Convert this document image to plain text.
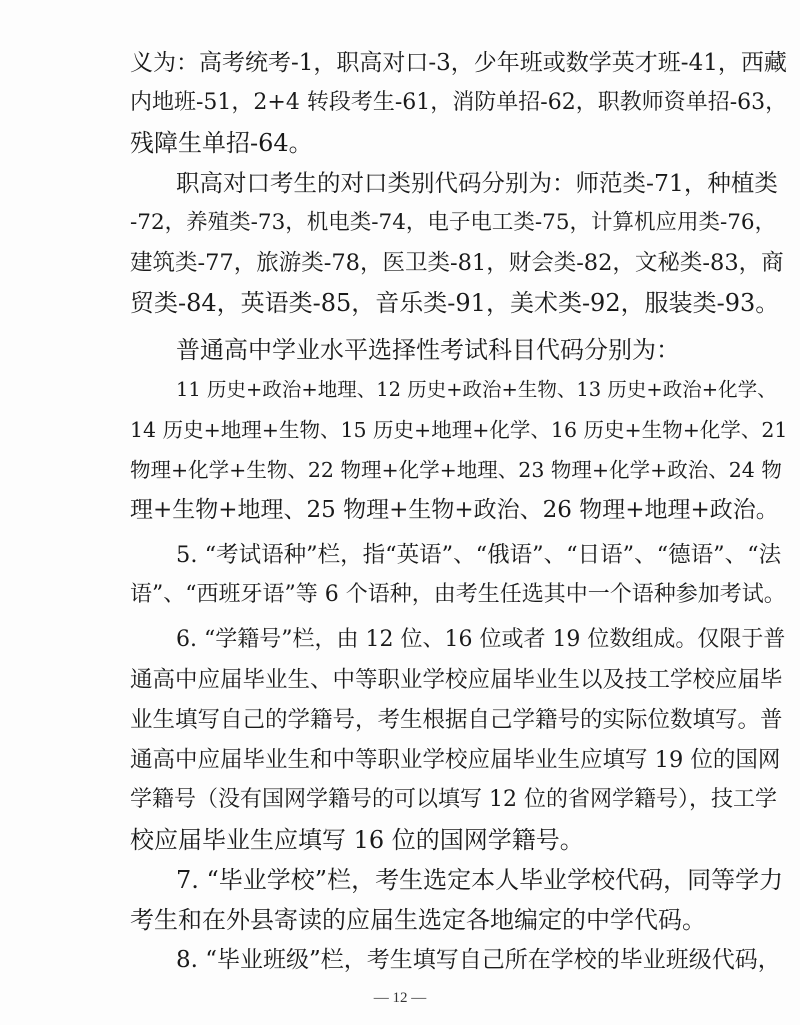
义为：高考统考-1，职高对口-3，少年班或数学英才班-41，西藏

内地班-51，2+4 转段考生-61，消防单招-62，职教师资单招-63，

残障生单招-64。

职高对口考生的对口类别代码分别为：师范类-71，种植类

-72，养殖类-73，机电类-74，电子电工类-75，计算机应用类-76，

建筑类-77，旅游类-78，医卫类-81，财会类-82，文秘类-83，商

贸类-84，英语类-85，音乐类-91，美术类-92，服装类-93。

普通高中学业水平选择性考试科目代码分别为：

11 历史+政治+地理、12 历史+政治+生物、13 历史+政治+化学、

14 历史+地理+生物、15 历史+地理+化学、16 历史+生物+化学、21

物理+化学+生物、22 物理+化学+地理、23 物理+化学+政治、24 物

理+生物+地理、25 物理+生物+政治、26 物理+地理+政治。

5. “考试语种”栏，指“英语”、“俄语”、“日语”、“德语”、“法

语”、“西班牙语”等 6 个语种，由考生任选其中一个语种参加考试。

6. “学籍号”栏，由 12 位、16 位或者 19 位数组成。仅限于普

通高中应届毕业生、中等职业学校应届毕业生以及技工学校应届毕

业生填写自己的学籍号，考生根据自己学籍号的实际位数填写。普

通高中应届毕业生和中等职业学校应届毕业生应填写 19 位的国网

学籍号（没有国网学籍号的可以填写 12 位的省网学籍号），技工学

校应届毕业生应填写 16 位的国网学籍号。

7. “毕业学校”栏，考生选定本人毕业学校代码，同等学力

考生和在外县寄读的应届生选定各地编定的中学代码。

8. “毕业班级”栏，考生填写自己所在学校的毕业班级代码，

— 12 —
